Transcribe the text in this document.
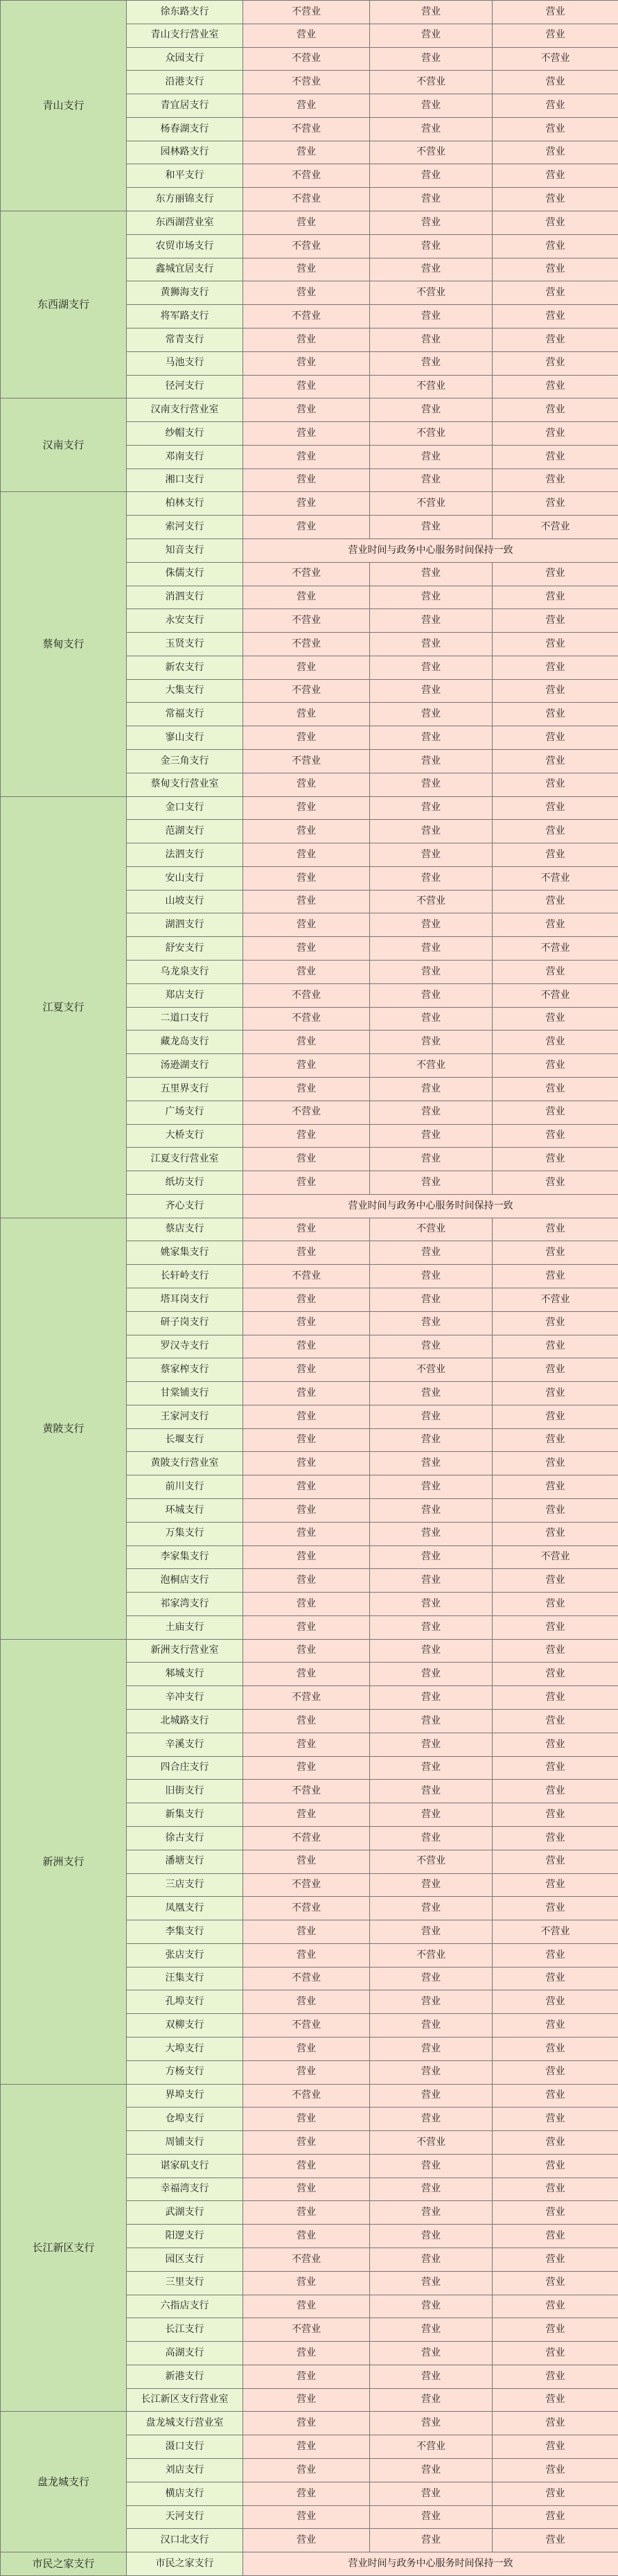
青山支行	徐东路支行	不营业	营业	营业
	青山支行营业室	营业	营业	营业
	众园支行	不营业	营业	不营业
	沿港支行	不营业	不营业	营业
	青宜居支行	营业	营业	营业
	杨春湖支行	不营业	营业	营业
	园林路支行	营业	不营业	营业
	和平支行	不营业	营业	营业
	东方丽锦支行	不营业	营业	营业
东西湖支行	东西湖营业室	营业	营业	营业
	农贸市场支行	不营业	营业	营业
	鑫城宜居支行	营业	营业	营业
	黄狮海支行	营业	不营业	营业
	将军路支行	不营业	营业	营业
	常青支行	营业	营业	营业
	马池支行	营业	营业	营业
	径河支行	营业	不营业	营业
汉南支行	汉南支行营业室	营业	营业	营业
	纱帽支行	营业	不营业	营业
	邓南支行	营业	营业	营业
	湘口支行	营业	营业	营业
蔡甸支行	柏林支行	营业	不营业	营业
	索河支行	营业	营业	不营业
	知音支行	营业时间与政务中心服务时间保持一致		
	侏儒支行	不营业	营业	营业
	消泗支行	营业	营业	营业
	永安支行	不营业	营业	营业
	玉贤支行	不营业	营业	营业
	新农支行	营业	营业	营业
	大集支行	不营业	营业	营业
	常福支行	营业	营业	营业
	寥山支行	营业	营业	营业
	金三角支行	不营业	营业	营业
	蔡甸支行营业室	营业	营业	营业
江夏支行	金口支行	营业	营业	营业
	范湖支行	营业	营业	营业
	法泗支行	营业	营业	营业
	安山支行	营业	营业	不营业
	山坡支行	营业	不营业	营业
	湖泗支行	营业	营业	营业
	舒安支行	营业	营业	不营业
	乌龙泉支行	营业	营业	营业
	郑店支行	不营业	营业	不营业
	二道口支行	不营业	营业	营业
	藏龙岛支行	营业	营业	营业
	汤逊湖支行	营业	不营业	营业
	五里界支行	营业	营业	营业
	广场支行	不营业	营业	营业
	大桥支行	营业	营业	营业
	江夏支行营业室	营业	营业	营业
	纸坊支行	营业	营业	营业
	齐心支行	营业时间与政务中心服务时间保持一致		
黄陂支行	蔡店支行	营业	不营业	营业
	姚家集支行	营业	营业	营业
	长轩岭支行	不营业	营业	营业
	塔耳岗支行	营业	营业	不营业
	研子岗支行	营业	营业	营业
	罗汉寺支行	营业	营业	营业
	蔡家榨支行	营业	不营业	营业
	甘棠铺支行	营业	营业	营业
	王家河支行	营业	营业	营业
	长堰支行	营业	营业	营业
	黄陂支行营业室	营业	营业	营业
	前川支行	营业	营业	营业
	环城支行	营业	营业	营业
	万集支行	营业	营业	营业
	李家集支行	营业	营业	不营业
	泡桐店支行	营业	营业	营业
	祁家湾支行	营业	营业	营业
	土庙支行	营业	营业	营业
新洲支行	新洲支行营业室	营业	营业	营业
	邾城支行	营业	营业	营业
	辛冲支行	不营业	营业	营业
	北城路支行	营业	营业	营业
	辛溪支行	营业	营业	营业
	四合庄支行	营业	营业	营业
	旧街支行	不营业	营业	营业
	新集支行	营业	营业	营业
	徐古支行	不营业	营业	营业
	潘塘支行	营业	不营业	营业
	三店支行	不营业	营业	营业
	凤凰支行	不营业	营业	营业
	李集支行	营业	营业	不营业
	张店支行	营业	不营业	营业
	汪集支行	不营业	营业	营业
	孔埠支行	营业	营业	营业
	双柳支行	不营业	营业	营业
	大埠支行	营业	营业	营业
	方杨支行	营业	营业	营业
长江新区支行	界埠支行	不营业	营业	营业
	仓埠支行	营业	营业	营业
	周铺支行	营业	不营业	营业
	谌家矶支行	营业	营业	营业
	幸福湾支行	营业	营业	营业
	武湖支行	营业	营业	营业
	阳逻支行	营业	营业	营业
	园区支行	不营业	营业	营业
	三里支行	营业	营业	营业
	六指店支行	营业	营业	营业
	长江支行	不营业	营业	营业
	高湖支行	营业	营业	营业
	新港支行	营业	营业	营业
	长江新区支行营业室	营业	营业	营业
盘龙城支行	盘龙城支行营业室	营业	营业	营业
	滠口支行	营业	不营业	营业
	刘店支行	营业	营业	营业
	横店支行	营业	营业	营业
	天河支行	营业	营业	营业
	汉口北支行	营业	营业	营业
市民之家支行	市民之家支行	营业时间与政务中心服务时间保持一致		
